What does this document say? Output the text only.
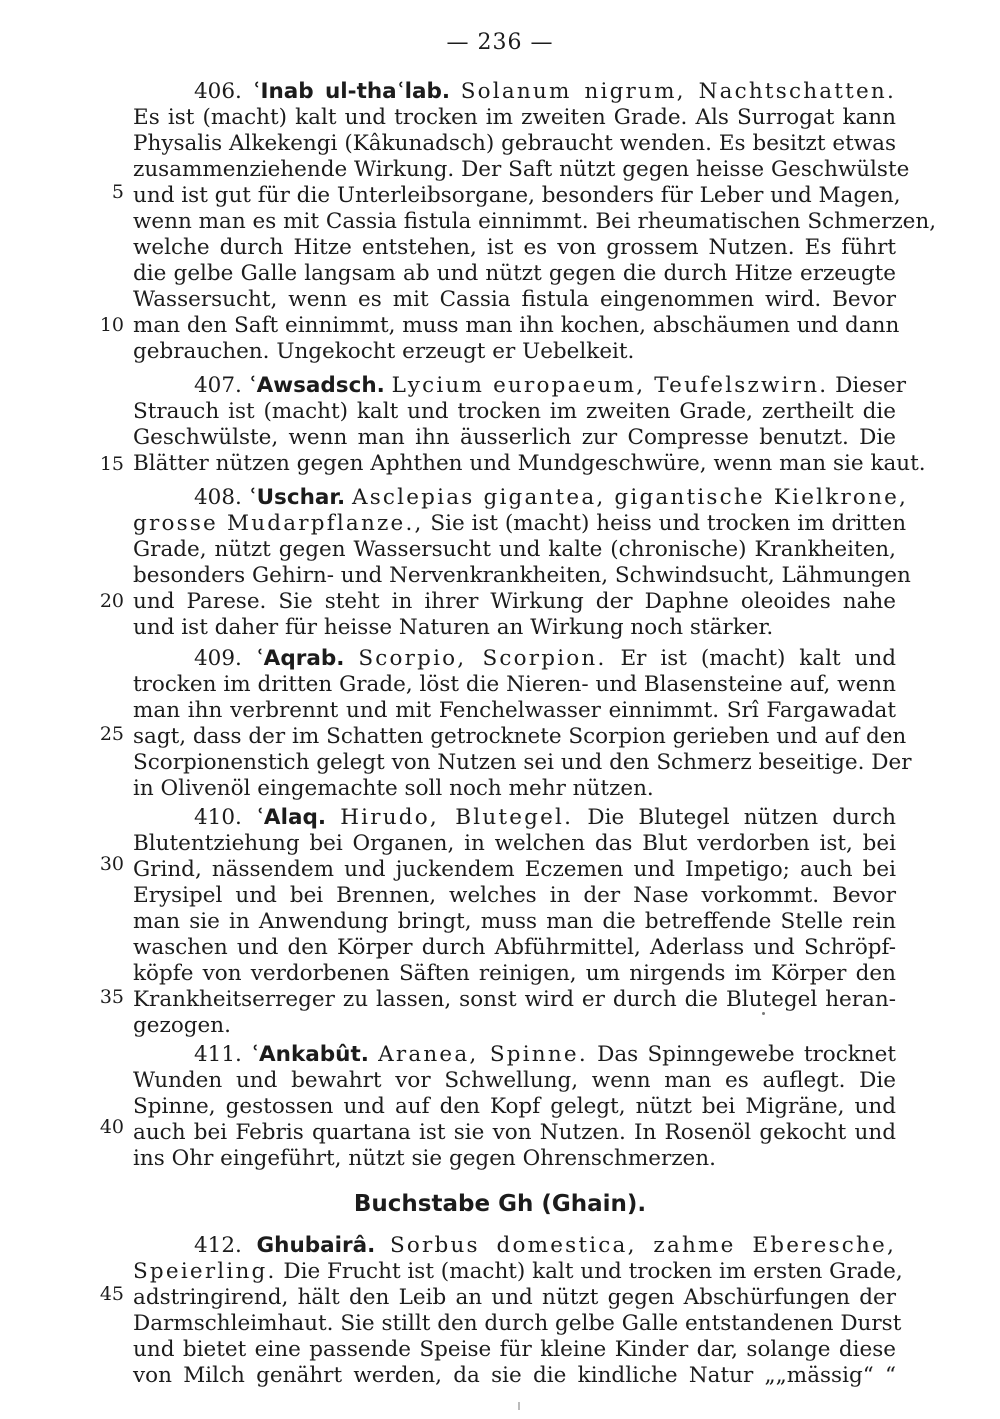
— 236 —
5
10
15
20
25
30
35
40
45
406. ʿInab ul-thaʿlab. Solanum nigrum, Nachtschatten.
Es ist (macht) kalt und trocken im zweiten Grade. Als Surrogat kann
Physalis Alkekengi (Kâkunadsch) gebraucht wenden. Es besitzt etwas
zusammenziehende Wirkung. Der Saft nützt gegen heisse Geschwülste
und ist gut für die Unterleibsorgane, besonders für Leber und Magen,
wenn man es mit Cassia fistula einnimmt. Bei rheumatischen Schmerzen,
welche durch Hitze entstehen, ist es von grossem Nutzen. Es führt
die gelbe Galle langsam ab und nützt gegen die durch Hitze erzeugte
Wassersucht, wenn es mit Cassia fistula eingenommen wird. Bevor
man den Saft einnimmt, muss man ihn kochen, abschäumen und dann
gebrauchen. Ungekocht erzeugt er Uebelkeit.
407. ʿAwsadsch. Lycium europaeum, Teufelszwirn. Dieser
Strauch ist (macht) kalt und trocken im zweiten Grade, zertheilt die
Geschwülste, wenn man ihn äusserlich zur Compresse benutzt. Die
Blätter nützen gegen Aphthen und Mundgeschwüre, wenn man sie kaut.
408. ʿUschar. Asclepias gigantea, gigantische Kielkrone,
grosse Mudarpflanze., Sie ist (macht) heiss und trocken im dritten
Grade, nützt gegen Wassersucht und kalte (chronische) Krankheiten,
besonders Gehirn- und Nervenkrankheiten, Schwindsucht, Lähmungen
und Parese. Sie steht in ihrer Wirkung der Daphne oleoides nahe
und ist daher für heisse Naturen an Wirkung noch stärker.
409. ʿAqrab. Scorpio, Scorpion. Er ist (macht) kalt und
trocken im dritten Grade, löst die Nieren- und Blasensteine auf, wenn
man ihn verbrennt und mit Fenchelwasser einnimmt. Srî Fargawadat
sagt, dass der im Schatten getrocknete Scorpion gerieben und auf den
Scorpionenstich gelegt von Nutzen sei und den Schmerz beseitige. Der
in Olivenöl eingemachte soll noch mehr nützen.
410. ʿAlaq. Hirudo, Blutegel. Die Blutegel nützen durch
Blutentziehung bei Organen, in welchen das Blut verdorben ist, bei
Grind, nässendem und juckendem Eczemen und Impetigo; auch bei
Erysipel und bei Brennen, welches in der Nase vorkommt. Bevor
man sie in Anwendung bringt, muss man die betreffende Stelle rein
waschen und den Körper durch Abführmittel, Aderlass und Schröpf-
köpfe von verdorbenen Säften reinigen, um nirgends im Körper den
Krankheitserreger zu lassen, sonst wird er durch die Blutegel heran-
gezogen.
411. ʿAnkabût. Aranea, Spinne. Das Spinngewebe trocknet
Wunden und bewahrt vor Schwellung, wenn man es auflegt. Die
Spinne, gestossen und auf den Kopf gelegt, nützt bei Migräne, und
auch bei Febris quartana ist sie von Nutzen. In Rosenöl gekocht und
ins Ohr eingeführt, nützt sie gegen Ohrenschmerzen.
Buchstabe Gh (Ghain).
412. Ghubairâ. Sorbus domestica, zahme Eberesche,
Speierling. Die Frucht ist (macht) kalt und trocken im ersten Grade,
adstringirend, hält den Leib an und nützt gegen Abschürfungen der
Darmschleimhaut. Sie stillt den durch gelbe Galle entstandenen Durst
und bietet eine passende Speise für kleine Kinder dar, solange diese
von Milch genährt werden, da sie die kindliche Natur „„mässig“ “
